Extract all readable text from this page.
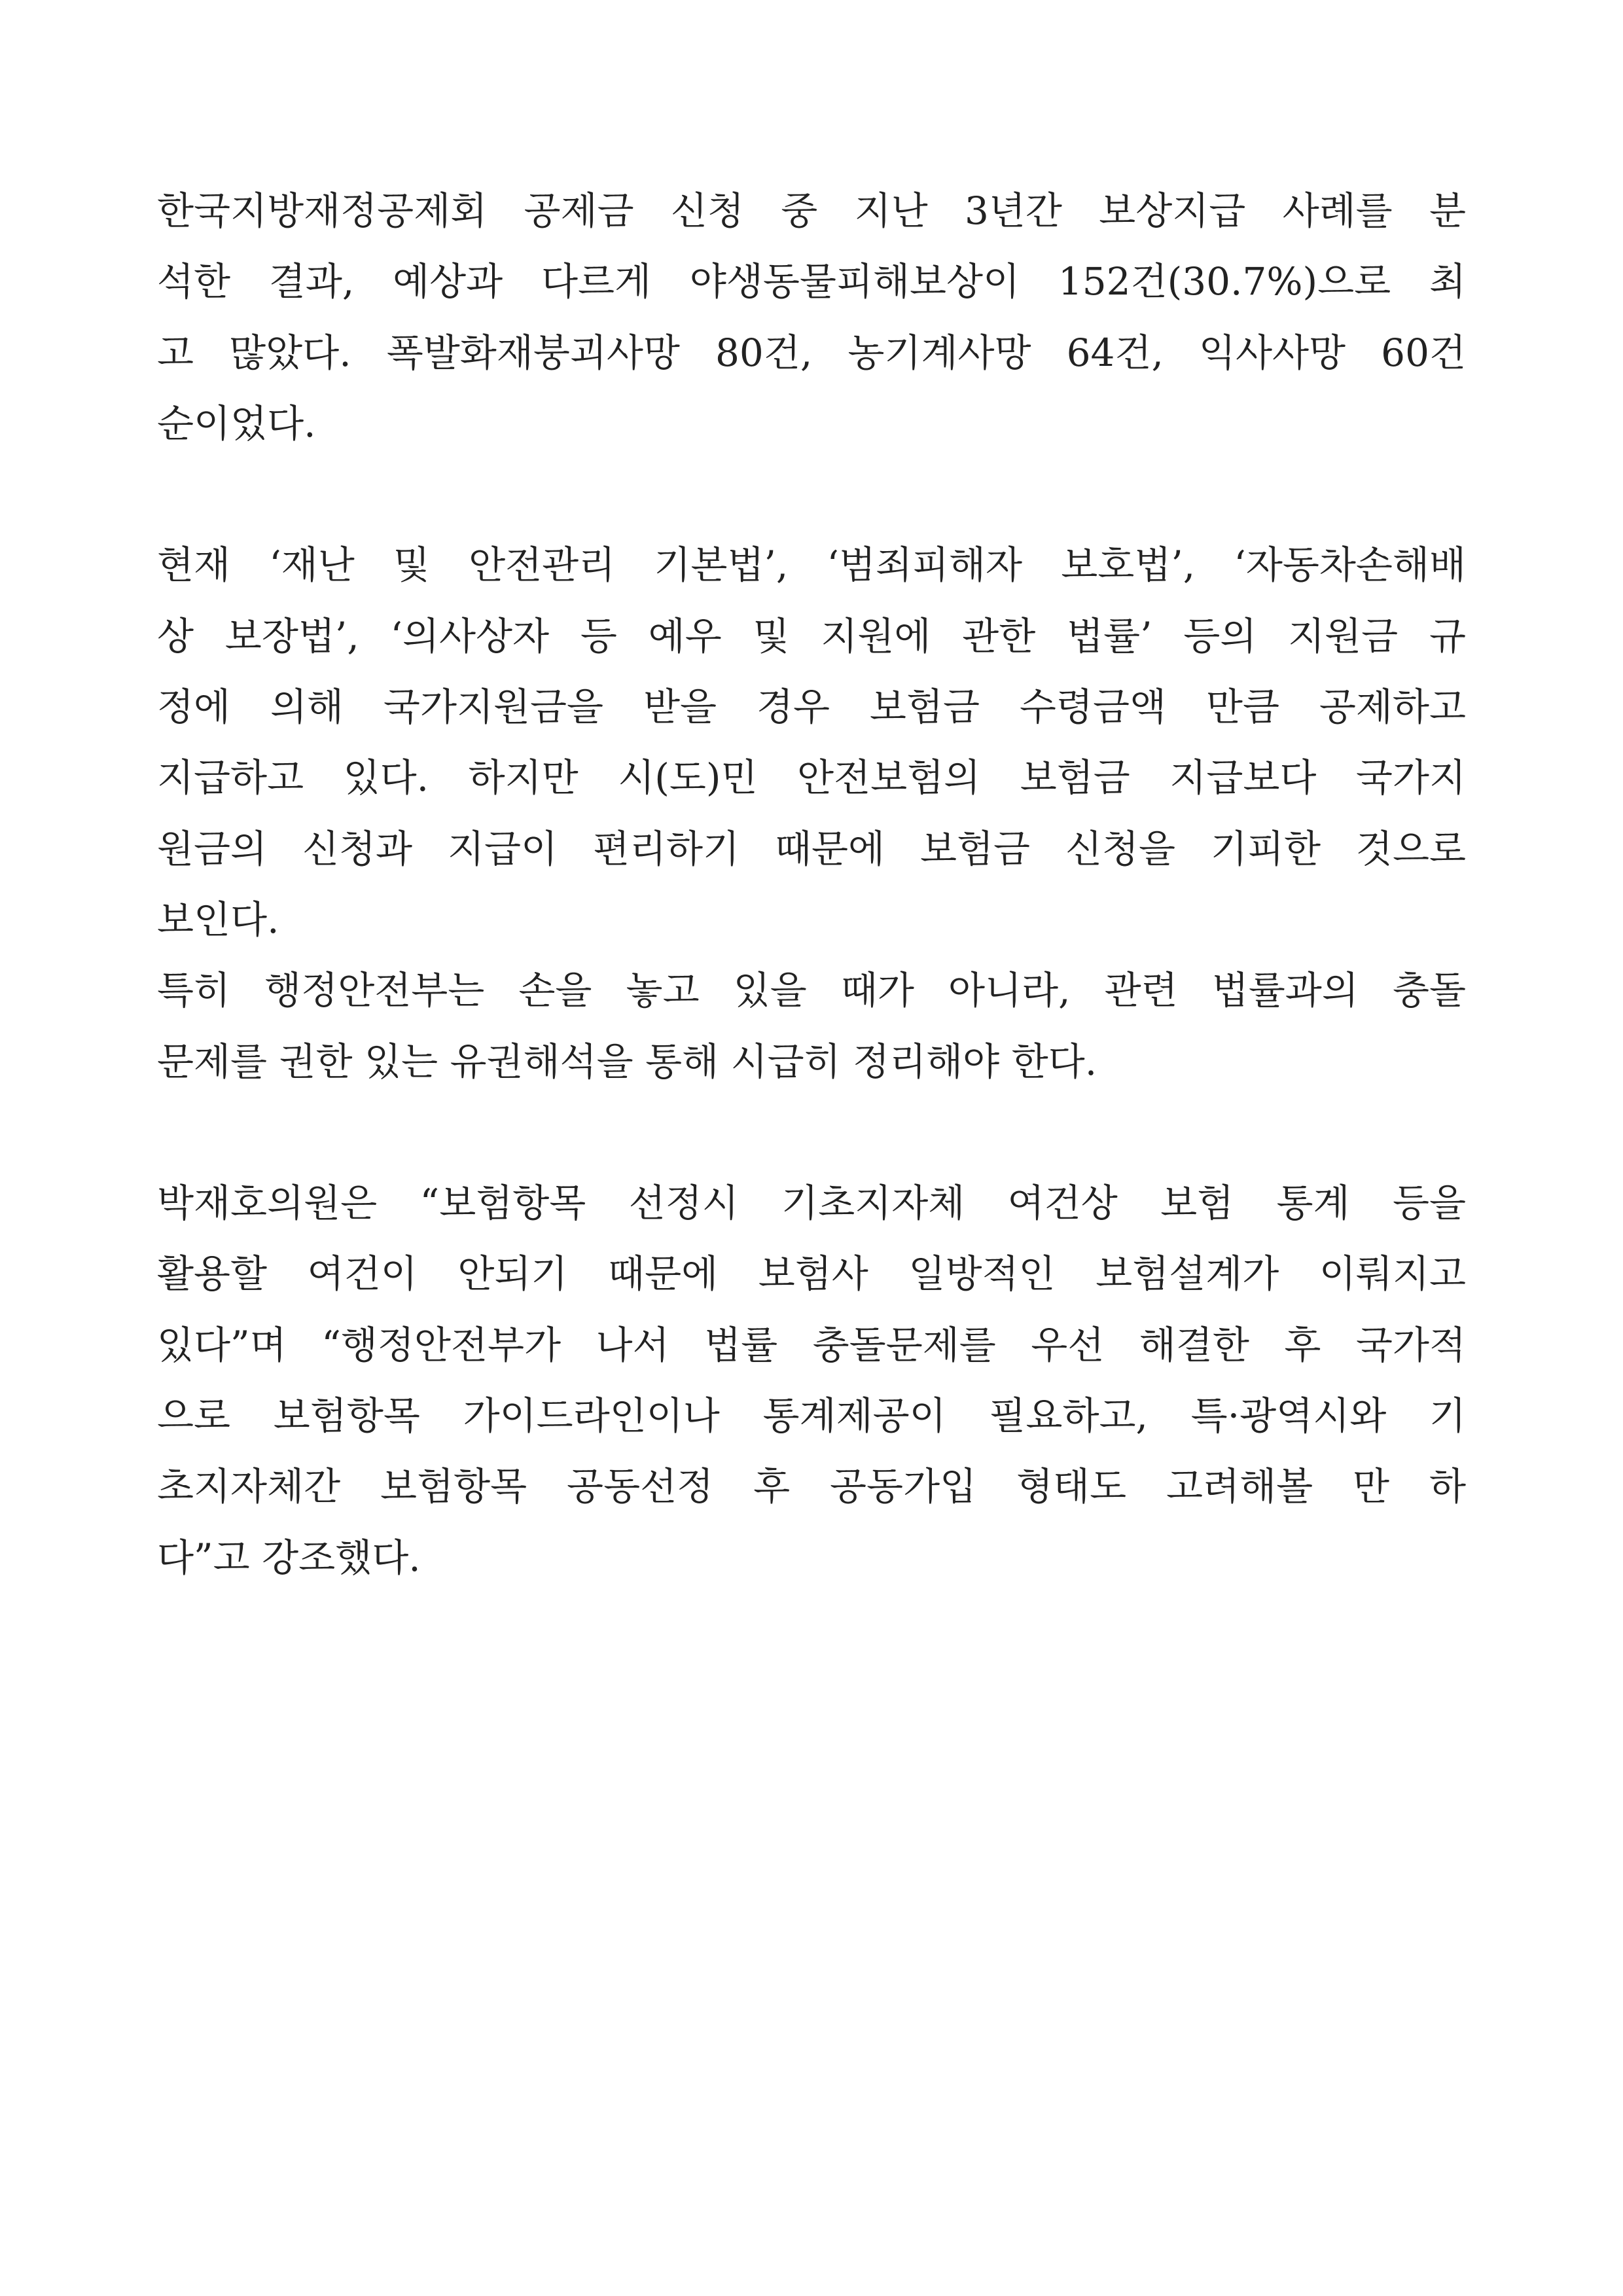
한국지방재정공제회 공제금 신청 중 지난 3년간 보상지급 사례를 분
석한 결과, 예상과 다르게 야생동물피해보상이 152건(30.7%)으로 최
고 많았다. 폭발화재붕괴사망 80건, 농기계사망 64건, 익사사망 60건
순이었다.
현재 ‘재난 및 안전관리 기본법’, ‘범죄피해자 보호법’, ‘자동차손해배
상 보장법’, ‘의사상자 등 예우 및 지원에 관한 법률’ 등의 지원금 규
정에 의해 국가지원금을 받을 경우 보험금 수령금액 만큼 공제하고
지급하고 있다. 하지만 시(도)민 안전보험의 보험금 지급보다 국가지
원금의 신청과 지급이 편리하기 때문에 보험금 신청을 기피한 것으로
보인다.
특히 행정안전부는 손을 놓고 있을 때가 아니라, 관련 법률과의 충돌
문제를 권한 있는 유권해석을 통해 시급히 정리해야 한다.
박재호의원은 “보험항목 선정시 기초지자체 여건상 보험 통계 등을
활용할 여건이 안되기 때문에 보험사 일방적인 보험설계가 이뤄지고
있다”며 “행정안전부가 나서 법률 충돌문제를 우선 해결한 후 국가적
으로 보험항목 가이드라인이나 통계제공이 필요하고, 특·광역시와 기
초지자체간 보험항목 공동선정 후 공동가입 형태도 고려해볼 만 하
다”고 강조했다.
